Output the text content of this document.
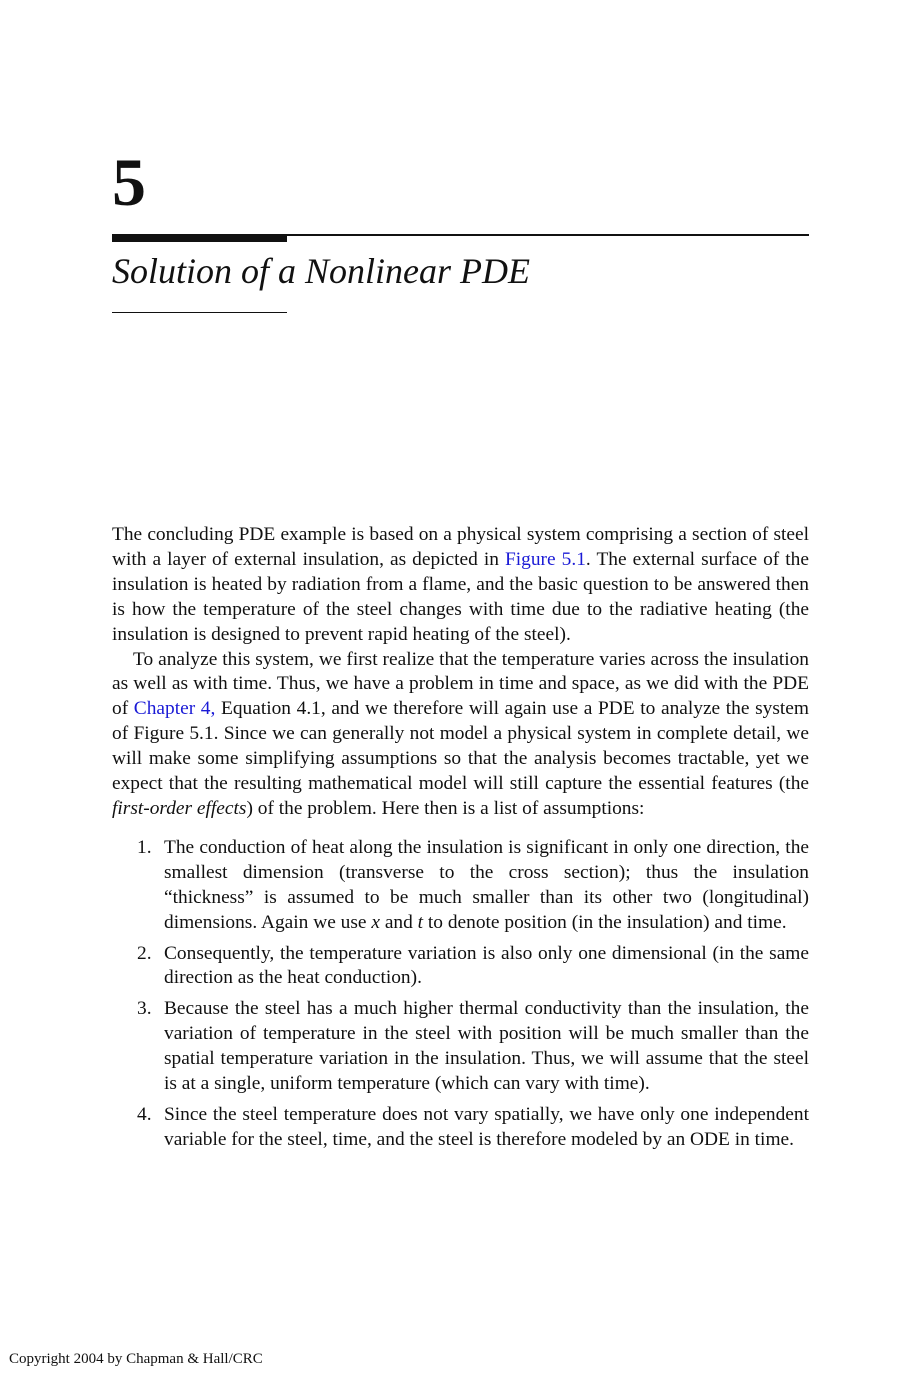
5
Solution of a Nonlinear PDE

The concluding PDE example is based on a physical system comprising a section of steel with a layer of external insulation, as depicted in Figure 5.1. The external surface of the insulation is heated by radiation from a flame, and the basic question to be answered then is how the temperature of the steel changes with time due to the radiative heating (the insulation is designed to prevent rapid heating of the steel).

To analyze this system, we first realize that the temperature varies across the insulation as well as with time. Thus, we have a problem in time and space, as we did with the PDE of Chapter 4, Equation 4.1, and we therefore will again use a PDE to analyze the system of Figure 5.1. Since we can generally not model a physical system in complete detail, we will make some simplifying assumptions so that the analysis becomes tractable, yet we expect that the resulting mathematical model will still capture the essential features (the first-order effects) of the problem. Here then is a list of assumptions:

1. The conduction of heat along the insulation is significant in only one direction, the smallest dimension (transverse to the cross section); thus the insulation “thickness” is assumed to be much smaller than its other two (longitudinal) dimensions. Again we use x and t to denote position (in the insulation) and time.
2. Consequently, the temperature variation is also only one dimensional (in the same direction as the heat conduction).
3. Because the steel has a much higher thermal conductivity than the insulation, the variation of temperature in the steel with position will be much smaller than the spatial temperature variation in the insulation. Thus, we will assume that the steel is at a single, uniform temperature (which can vary with time).
4. Since the steel temperature does not vary spatially, we have only one independent variable for the steel, time, and the steel is therefore modeled by an ODE in time.
Copyright 2004 by Chapman & Hall/CRC
